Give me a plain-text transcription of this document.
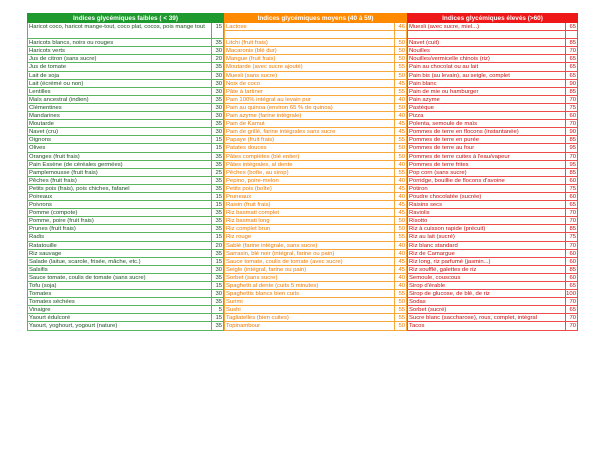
Indices glycémiques faibles ( < 39)
Haricot coco, haricot mange-tout, coco plat, cocos, pois mange tout	15
Haricots blancs, noirs ou rouges	35
Haricots verts	30
Jus de citron (sans sucre)	20
Jus de tomate	35
Lait de soja	30
Lait (écrémé ou non)	30
Lentilles	30
Maïs ancestral (indien)	35
Clémentines	30
Mandarines	30
Moutarde	35
Navet (cru)	30
Oignons	15
Olives	15
Oranges (fruit frais)	35
Pain Essène (de céréales germées)	35
Pamplemousse (fruit frais)	25
Pêches (fruit frais)	35
Petits pois (frais), pois chiches, fafanel	35
Poireaux	15
Poivrons	15
Pomme (compote)	35
Pomme, poire (fruit frais)	35
Prunes (fruit frais)	35
Radis	15
Ratatouille	20
Riz sauvage	35
Salade (laitue, scarole, frisée, mâche, etc.)	15
Salsifis	30
Sauce tomate, coulis de tomate (sans sucre)	35
Tofu (soja)	15
Tomates	30
Tomates séchées	35
Vinaigre	5
Yaourt édulcoré	15
Yaourt, yoghourt, yogourt (nature)	35
Indices glycémiques moyens (40 à 59)
Lactose	46
Litchi (fruit frais)	50
Macaronis (blé dur)	50
Mangue (fruit frais)	50
Moutarde (avec sucre ajouté)	55
Muesli (sans sucre)	50
Noix de coco	45
Pâte à tartiner	55
Pain 100% intégral au levain pur	40
Pain au quinoa (environ 65 % de quinoa)	50
Pain azyme (farine intégrale)	40
Pain de Kamut	45
Pain de grillé, farine intégrales sans sucre	45
Papaye (fruit frais)	55
Patates douces	50
Pâtes complètes (blé entier)	50
Pâtes intégrales, al dente	40
Pêches (boîte, au sirop)	55
Pepino, poire-melon	40
Petits pois (boîte)	45
Pruneaux	40
Raisin (fruit frais)	45
Riz basmati complet	45
Riz basmati long	50
Riz complet brun	50
Riz rouge	55
Sablé (farine intégrale, sans sucre)	40
Sarrasin, blé noir (intégral, farine ou pain)	40
Sauce tomate, coulis de tomate (avec sucre)	45
Seigle (intégral, farine ou pain)	45
Sorbet (sans sucre)	40
Spaghetti al dente (cuits 5 minutes)	40
Spaghettis blancs bien cuits	55
Surimi	50
Sushi	55
Tagliatelles (bien cuites)	55
Topinambour	50
Indices glycémiques élevés (>60)
Muesli (avec sucre, miel...)	65
Navet (cuit)	85
Nouilles	70
Nouilles/vermicelle chinois (riz)	65
Pain au chocolat ou au lait	65
Pain bis (au levain), au seigle, complet	65
Pain blanc	90
Pain de mie ou hamburger	85
Pain azyme	70
Pastèque	75
Pizza	60
Polenta, semoule de maïs	70
Pommes de terre en flocons (instantanée)	90
Pommes de terre en purée	85
Pommes de terre au four	95
Pommes de terre cuites à l'eau/vapeur	70
Pommes de terre frites	95
Pop corn (sans sucre)	85
Porridge, bouillie de flocons d'avoine	60
Potiron	75
Poudre chocolatée (sucrée)	60
Raisins secs	65
Raviolis	70
Risotto	70
Riz à cuisson rapide (précuit)	85
Riz au lait (sucré)	75
Riz blanc standard	70
Riz de Camargue	60
Riz long, riz parfumé (jasmin...)	60
Riz soufflé, galettes de riz	85
Semoule, couscous	60
Sirop d'érable	65
Sirop de glucose, de blé, de riz	100
Sodas	70
Sorbet (sucré)	65
Sucre blanc (saccharose), roux, complet, intégral	70
Tacos	70
